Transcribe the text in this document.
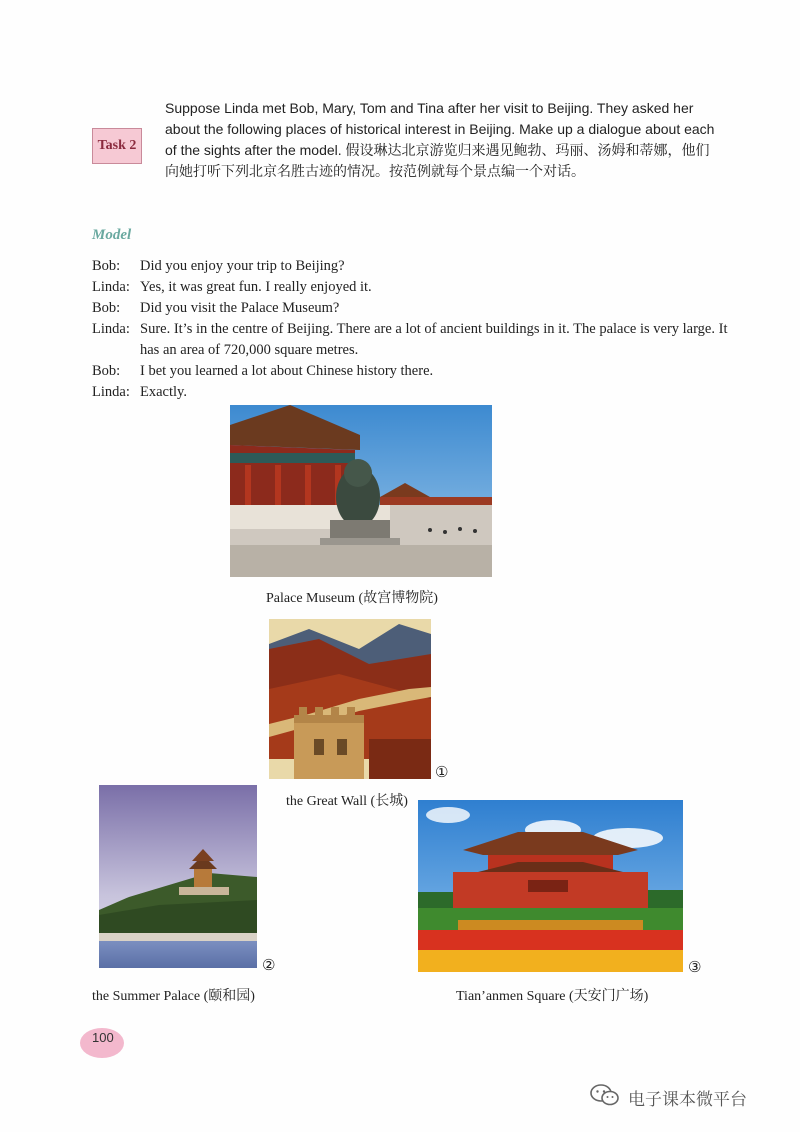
Task 2
Suppose Linda met Bob, Mary, Tom and Tina after her visit to Beijing. They asked her about the following places of historical interest in Beijing. Make up a dialogue about each of the sights after the model. 假设琳达北京游览归来遇见鲍勃、玛丽、汤姆和蒂娜，他们向她打听下列北京名胜古迹的情况。按范例就每个景点编一个对话。
Model
Bob:	Did you enjoy your trip to Beijing?
Linda: Yes, it was great fun. I really enjoyed it.
Bob:	Did you visit the Palace Museum?
Linda: Sure. It’s in the centre of Beijing. There are a lot of ancient buildings in it. The palace is very large. It has an area of 720,000 square metres.
Bob:	I bet you learned a lot about Chinese history there.
Linda: Exactly.
Palace Museum (故宫博物院)
①
the Great Wall (长城)
②
the Summer Palace (颐和园)
③
Tian’anmen Square (天安门广场)
100
电子课本微平台
